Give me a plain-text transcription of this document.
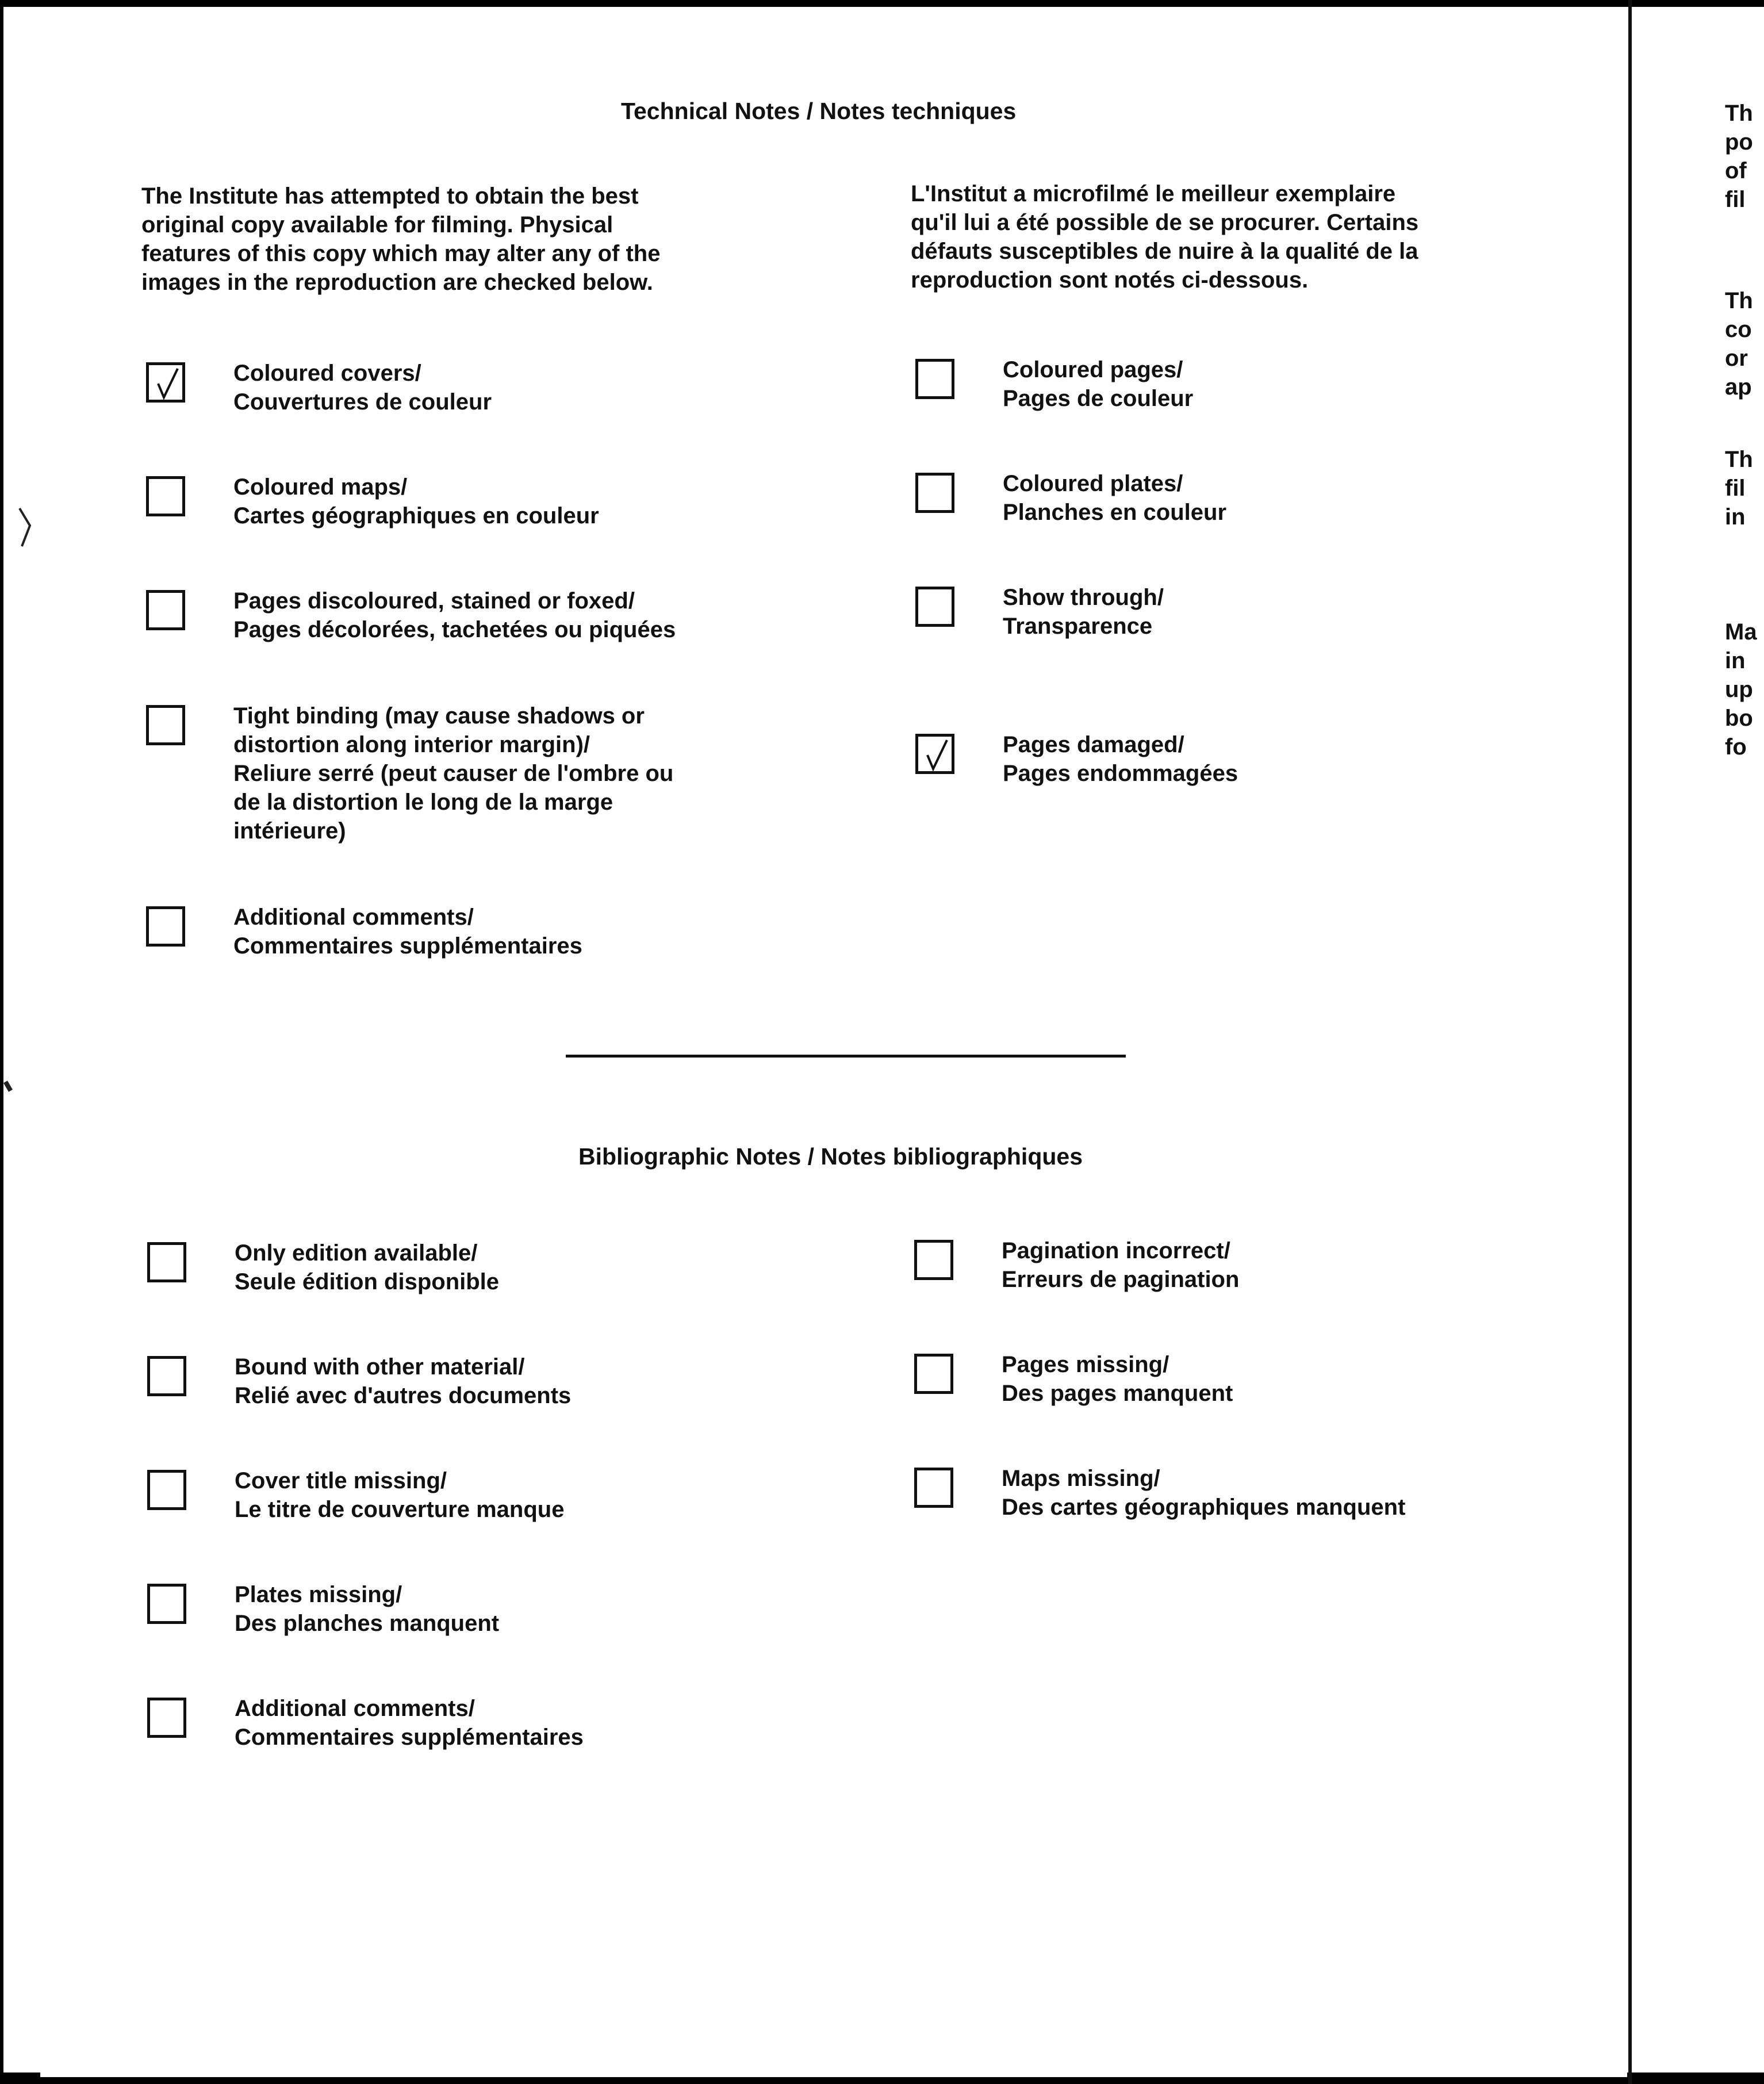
Technical Notes / Notes techniques
The Institute has attempted to obtain the best
original copy available for filming. Physical
features of this copy which may alter any of the
images in the reproduction are checked below.
L'Institut a microfilmé le meilleur exemplaire
qu'il lui a été possible de se procurer. Certains
défauts susceptibles de nuire à la qualité de la
reproduction sont notés ci-dessous.
Coloured covers/
Couvertures de couleur
Coloured maps/
Cartes géographiques en couleur
Pages discoloured, stained or foxed/
Pages décolorées, tachetées ou piquées
Tight binding (may cause shadows or
distortion along interior margin)/
Reliure serré (peut causer de l'ombre ou
de la distortion le long de la marge
intérieure)
Additional comments/
Commentaires supplémentaires
Coloured pages/
Pages de couleur
Coloured plates/
Planches en couleur
Show through/
Transparence
Pages damaged/
Pages endommagées
Bibliographic Notes / Notes bibliographiques
Only edition available/
Seule édition disponible
Bound with other material/
Relié avec d'autres documents
Cover title missing/
Le titre de couverture manque
Plates missing/
Des planches manquent
Additional comments/
Commentaires supplémentaires
Pagination incorrect/
Erreurs de pagination
Pages missing/
Des pages manquent
Maps missing/
Des cartes géographiques manquent
Th
po
of
fil
Th
co
or
ap
Th
fil
in
Ma
in
up
bo
fo
